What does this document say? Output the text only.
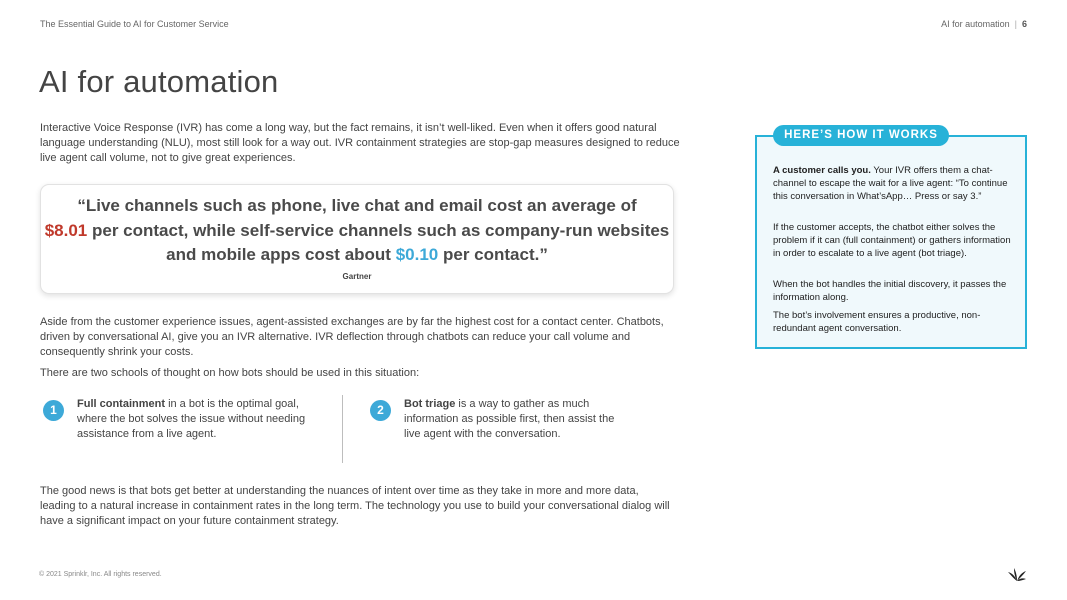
The Essential Guide to AI for Customer Service	AI for automation | 6
AI for automation

Interactive Voice Response (IVR) has come a long way, but the fact remains, it isn’t well-liked. Even when it offers good natural language understanding (NLU), most still look for a way out. IVR containment strategies are stop-gap measures designed to reduce live agent call volume, not to give great experiences.

“Live channels such as phone, live chat and email cost an average of
$8.01 per contact, while self-service channels such as company-run websites and mobile apps cost about $0.10 per contact.”
Gartner

Aside from the customer experience issues, agent-assisted exchanges are by far the highest cost for a contact center. Chatbots, driven by conversational AI, give you an IVR alternative. IVR deflection through chatbots can reduce your call volume and consequently shrink your costs.

There are two schools of thought on how bots should be used in this situation:

1	Full containment in a bot is the optimal goal, where the bot solves the issue without needing assistance from a live agent.

2	Bot triage is a way to gather as much information as possible first, then assist the live agent with the conversation.

The good news is that bots get better at understanding the nuances of intent over time as they take in more and more data, leading to a natural increase in containment rates in the long term. The technology you use to build your conversational dialog will have a significant impact on your future containment strategy.

HERE’S HOW IT WORKS

A customer calls you. Your IVR offers them a chat-channel to escape the wait for a live agent: “To continue this conversation in What’sApp… Press or say 3.”

If the customer accepts, the chatbot either solves the problem if it can (full containment) or gathers information in order to escalate to a live agent (bot triage).

When the bot handles the initial discovery, it passes the information along.

The bot’s involvement ensures a productive, non-redundant agent conversation.

© 2021 Sprinklr, Inc. All rights reserved.
